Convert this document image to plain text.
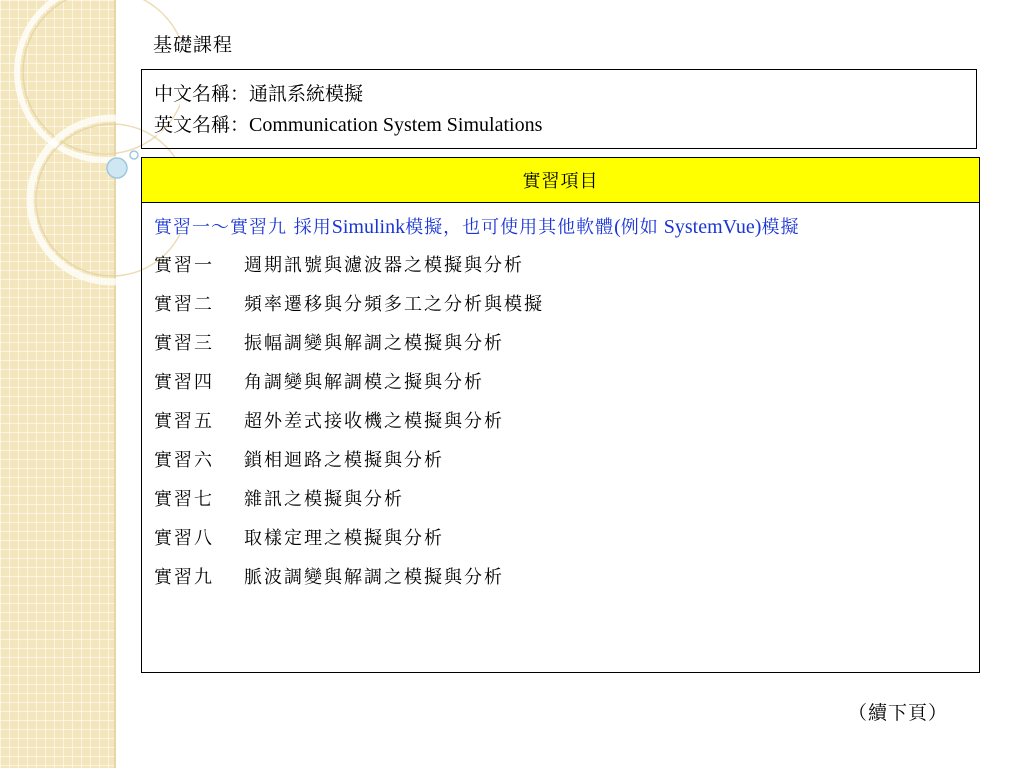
基礎課程
中文名稱：通訊系統模擬
英文名稱：Communication System Simulations
實習項目
實習一～實習九 採用Simulink模擬，也可使用其他軟體(例如 SystemVue)模擬
實習一	週期訊號與濾波器之模擬與分析
實習二	頻率遷移與分頻多工之分析與模擬
實習三	振幅調變與解調之模擬與分析
實習四	角調變與解調模之擬與分析
實習五	超外差式接收機之模擬與分析
實習六	鎖相迴路之模擬與分析
實習七	雜訊之模擬與分析
實習八	取樣定理之模擬與分析
實習九	脈波調變與解調之模擬與分析
（續下頁）
